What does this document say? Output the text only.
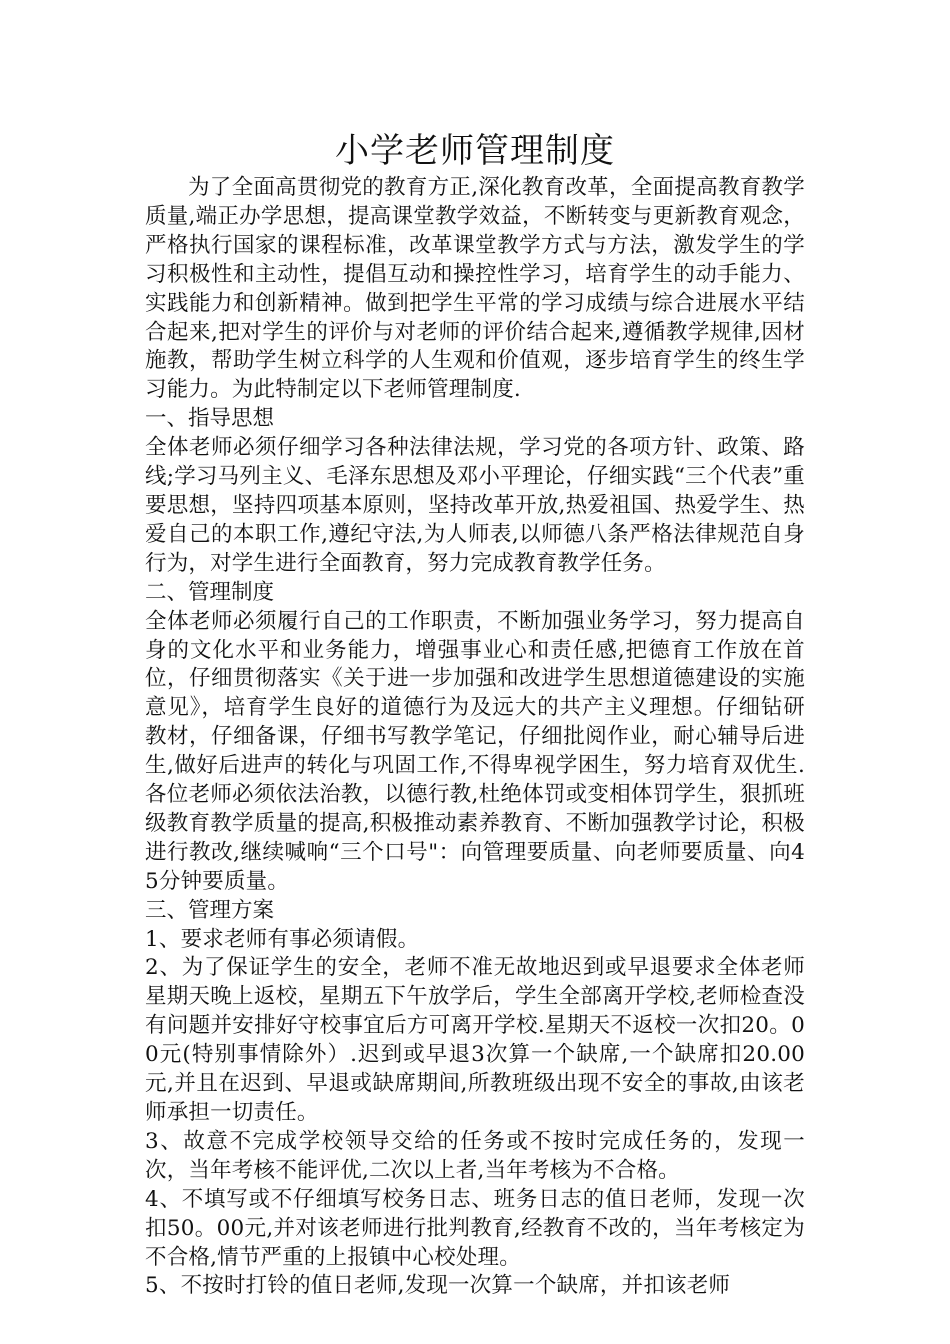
小学老师管理制度

为了全面高贯彻党的教育方正,深化教育改革，全面提高教育教学质量,端正办学思想，提高课堂教学效益，不断转变与更新教育观念，严格执行国家的课程标准，改革课堂教学方式与方法，激发学生的学习积极性和主动性，提倡互动和操控性学习，培育学生的动手能力、实践能力和创新精神。做到把学生平常的学习成绩与综合进展水平结合起来,把对学生的评价与对老师的评价结合起来,遵循教学规律,因材施教，帮助学生树立科学的人生观和价值观，逐步培育学生的终生学习能力。为此特制定以下老师管理制度.

一、指导思想

全体老师必须仔细学习各种法律法规，学习党的各项方针、政策、路线;学习马列主义、毛泽东思想及邓小平理论，仔细实践“三个代表”重要思想，坚持四项基本原则，坚持改革开放,热爱祖国、热爱学生、热爱自己的本职工作,遵纪守法,为人师表,以师德八条严格法律规范自身行为，对学生进行全面教育，努力完成教育教学任务。

二、管理制度

全体老师必须履行自己的工作职责，不断加强业务学习，努力提高自身的文化水平和业务能力，增强事业心和责任感,把德育工作放在首位，仔细贯彻落实《关于进一步加强和改进学生思想道德建设的实施意见》，培育学生良好的道德行为及远大的共产主义理想。仔细钻研教材，仔细备课，仔细书写教学笔记，仔细批阅作业，耐心辅导后进生,做好后进声的转化与巩固工作,不得卑视学困生，努力培育双优生.各位老师必须依法治教，以德行教,杜绝体罚或变相体罚学生，狠抓班级教育教学质量的提高,积极推动素养教育、不断加强教学讨论，积极进行教改,继续喊响“三个口号"：向管理要质量、向老师要质量、向45分钟要质量。

三、管理方案

1、要求老师有事必须请假。

2、为了保证学生的安全，老师不准无故地迟到或早退要求全体老师星期天晚上返校，星期五下午放学后，学生全部离开学校,老师检查没有问题并安排好守校事宜后方可离开学校.星期天不返校一次扣20。00元(特别事情除外）.迟到或早退3次算一个缺席,一个缺席扣20.00元,并且在迟到、早退或缺席期间,所教班级出现不安全的事故,由该老师承担一切责任。

3、故意不完成学校领导交给的任务或不按时完成任务的，发现一次，当年考核不能评优,二次以上者,当年考核为不合格。

4、不填写或不仔细填写校务日志、班务日志的值日老师，发现一次扣50。00元,并对该老师进行批判教育,经教育不改的，当年考核定为不合格,情节严重的上报镇中心校处理。

5、不按时打铃的值日老师,发现一次算一个缺席，并扣该老师
